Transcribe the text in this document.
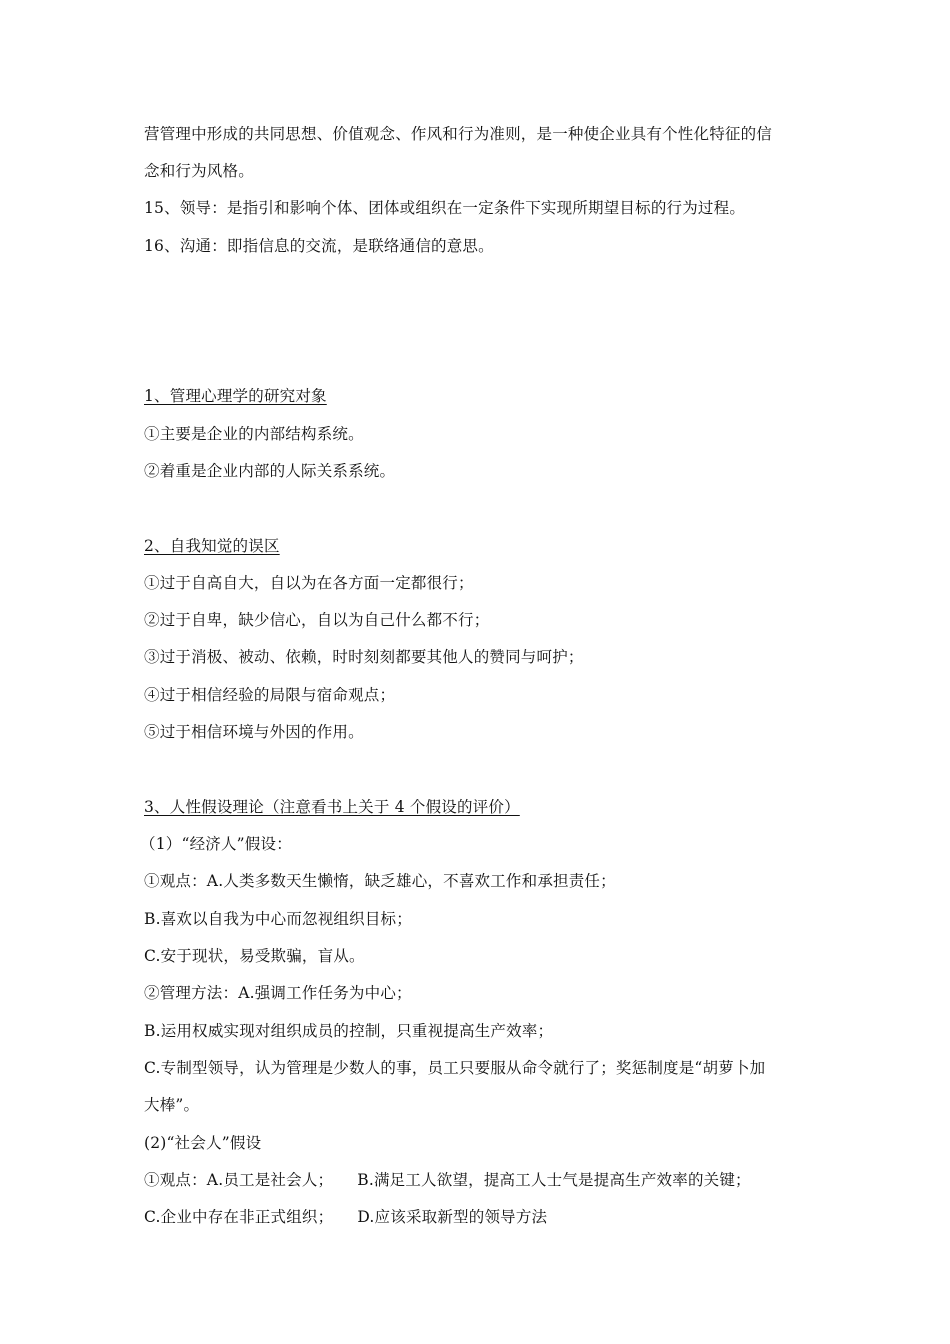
营管理中形成的共同思想、价值观念、作风和行为准则，是一种使企业具有个性化特征的信
念和行为风格。
15、领导：是指引和影响个体、团体或组织在一定条件下实现所期望目标的行为过程。
16、沟通：即指信息的交流，是联络通信的意思。
1、管理心理学的研究对象
①主要是企业的内部结构系统。
②着重是企业内部的人际关系系统。
2、自我知觉的误区
①过于自高自大，自以为在各方面一定都很行；
②过于自卑，缺少信心，自以为自己什么都不行；
③过于消极、被动、依赖，时时刻刻都要其他人的赞同与呵护；
④过于相信经验的局限与宿命观点；
⑤过于相信环境与外因的作用。
3、人性假设理论（注意看书上关于 4 个假设的评价）
（1）“经济人”假设：
①观点：A.人类多数天生懒惰，缺乏雄心，不喜欢工作和承担责任；
B.喜欢以自我为中心而忽视组织目标；
C.安于现状，易受欺骗，盲从。
②管理方法：A.强调工作任务为中心；
B.运用权威实现对组织成员的控制，只重视提高生产效率；
C.专制型领导，认为管理是少数人的事，员工只要服从命令就行了；奖惩制度是“胡萝卜加
大棒”。
(2)“社会人”假设
①观点：A.员工是社会人； B.满足工人欲望，提高工人士气是提高生产效率的关键；
C.企业中存在非正式组织； D.应该采取新型的领导方法
